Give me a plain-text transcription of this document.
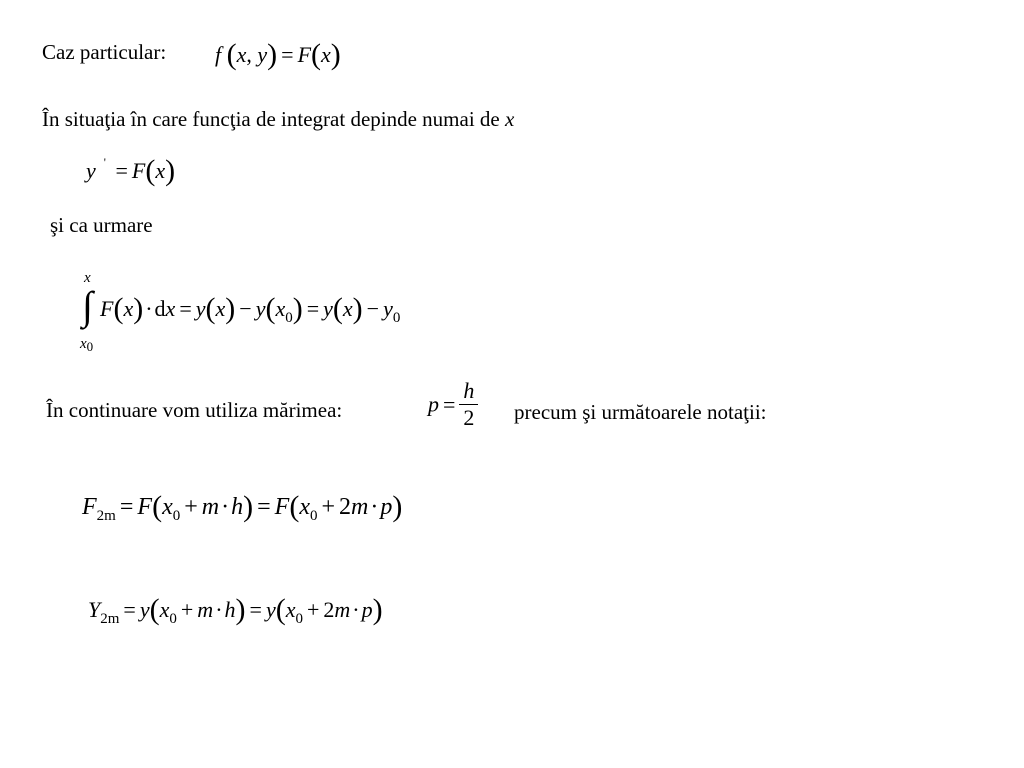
Caz particular: f (x, y) = F(x)
În situaţia în care funcţia de integrat depinde numai de x
y ' = F(x)
şi ca urmare
x
∫
x0
$F(x)\cdot dx = y(x) - y(x_0) = y(x) - y_0$
În continuare vom utiliza mărimea:	$p = \frac{h}{2}$ precum şi următoarele notaţii:
$F_{2m} = F(x_0 + m\cdot h) = F(x_0 + 2m\cdot p)$
$Y_{2m} = y(x_0 + m\cdot h) = y(x_0 + 2m\cdot p)$
